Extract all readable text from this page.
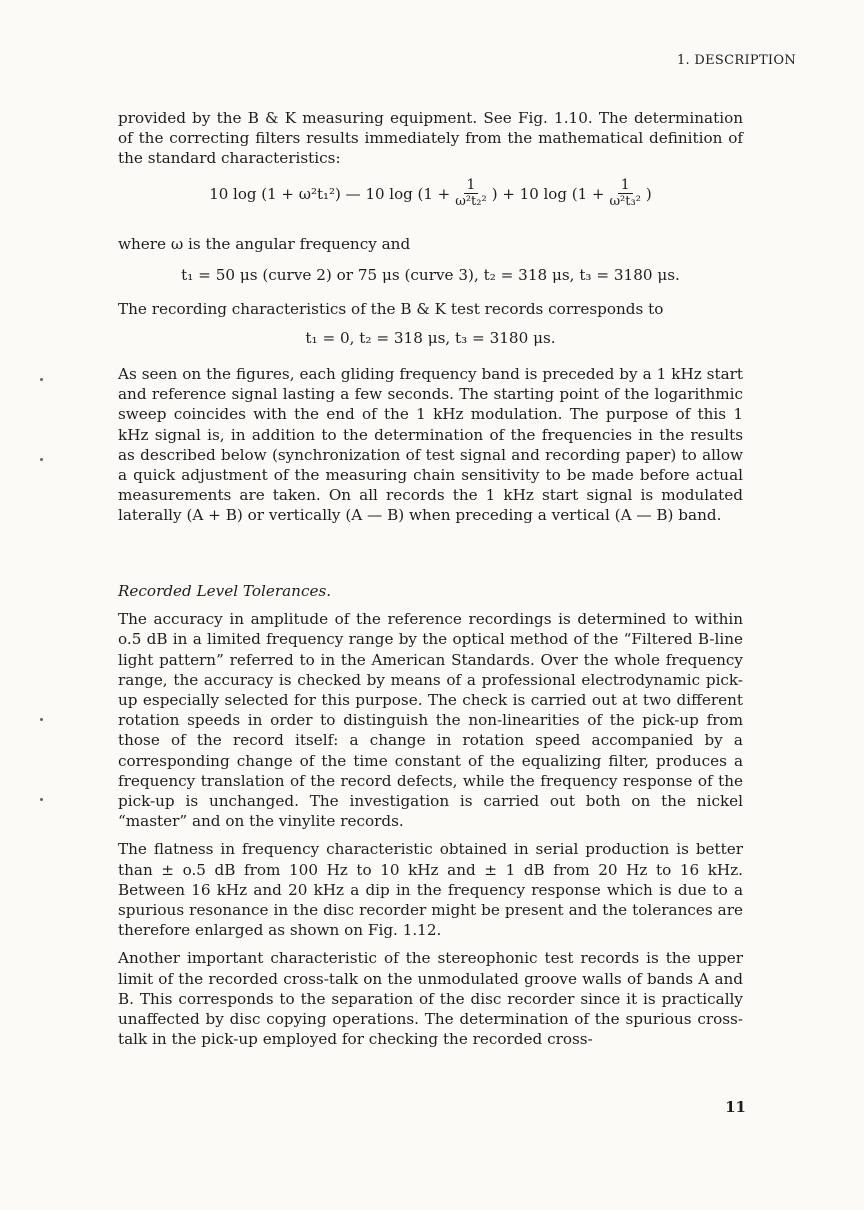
1. DESCRIPTION

provided by the B & K measuring equipment. See Fig. 1.10. The determination of the correcting filters results immediately from the mathematical definition of the standard characteristics:

10 log (1 + ω²t₁²) — 10 $\log (1 + \frac{1}{\text{ω²t₂²}}$ ) + 10 $\log (1 + \frac{1}{\text{ω²t₃²}}$ )

where ω is the angular frequency and

t₁ = 50 μs (curve 2) or 75 μs (curve 3), t₂ = 318 μs, t₃ = 3180 μs.

The recording characteristics of the B & K test records corresponds to

t₁ = 0, t₂ = 318 μs, t₃ = 3180 μs.

As seen on the figures, each gliding frequency band is preceded by a 1 kHz start and reference signal lasting a few seconds. The starting point of the logarithmic sweep coincides with the end of the 1 kHz modulation. The purpose of this 1 kHz signal is, in addition to the determination of the frequencies in the results as described below (synchronization of test signal and recording paper) to allow a quick adjustment of the measuring chain sensitivity to be made before actual measurements are taken. On all records the 1 kHz start signal is modulated laterally (A + B) or vertically (A — B) when preceding a vertical (A — B) band.

Recorded Level Tolerances.

The accuracy in amplitude of the reference recordings is determined to within o.5 dB in a limited frequency range by the optical method of the “Filtered B-line light pattern” referred to in the American Standards. Over the whole frequency range, the accuracy is checked by means of a professional electrodynamic pick-up especially selected for this purpose. The check is carried out at two different rotation speeds in order to distinguish the non-linearities of the pick-up from those of the record itself: a change in rotation speed accompanied by a corresponding change of the time constant of the equalizing filter, produces a frequency translation of the record defects, while the frequency response of the pick-up is unchanged. The investigation is carried out both on the nickel “master” and on the vinylite records.

The flatness in frequency characteristic obtained in serial production is better than ± o.5 dB from 100 Hz to 10 kHz and ± 1 dB from 20 Hz to 16 kHz. Between 16 kHz and 20 kHz a dip in the frequency response which is due to a spurious resonance in the disc recorder might be present and the tolerances are therefore enlarged as shown on Fig. 1.12.

Another important characteristic of the stereophonic test records is the upper limit of the recorded cross-talk on the unmodulated groove walls of bands A and B. This corresponds to the separation of the disc recorder since it is practically unaffected by disc copying operations. The determination of the spurious cross-talk in the pick-up employed for checking the recorded cross-

11
